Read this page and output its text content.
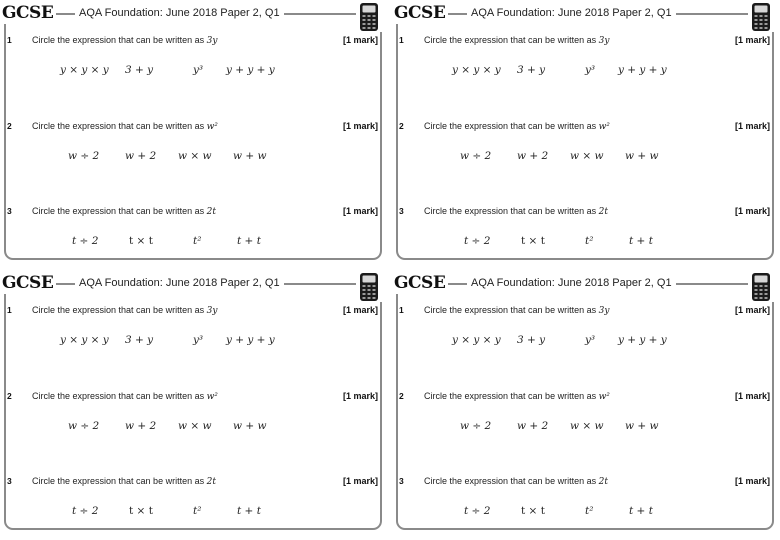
GCSE	AQA Foundation: June 2018 Paper 2, Q1
1 Circle the expression that can be written as 3y	[1 mark]
y × y × y 3 + y	y³ y + y + y
2 Circle the expression that can be written as w²	[1 mark]
w ÷ 2 w + 2 w × w w + w
3 Circle the expression that can be written as 2t	[1 mark]
t ÷ 2	t × t	t²	t + t
GCSE	AQA Foundation: June 2018 Paper 2, Q1
1 Circle the expression that can be written as 3y	[1 mark]
y × y × y 3 + y	y³ y + y + y
2 Circle the expression that can be written as w²	[1 mark]
w ÷ 2 w + 2 w × w w + w
3 Circle the expression that can be written as 2t	[1 mark]
t ÷ 2	t × t	t²	t + t
GCSE	AQA Foundation: June 2018 Paper 2, Q1
1 Circle the expression that can be written as 3y	[1 mark]
y × y × y 3 + y	y³ y + y + y
2 Circle the expression that can be written as w²	[1 mark]
w ÷ 2 w + 2 w × w w + w
3 Circle the expression that can be written as 2t	[1 mark]
t ÷ 2	t × t	t²	t + t
GCSE	AQA Foundation: June 2018 Paper 2, Q1
1 Circle the expression that can be written as 3y	[1 mark]
y × y × y 3 + y	y³ y + y + y
2 Circle the expression that can be written as w²	[1 mark]
w ÷ 2 w + 2 w × w w + w
3 Circle the expression that can be written as 2t	[1 mark]
t ÷ 2	t × t	t²	t + t
